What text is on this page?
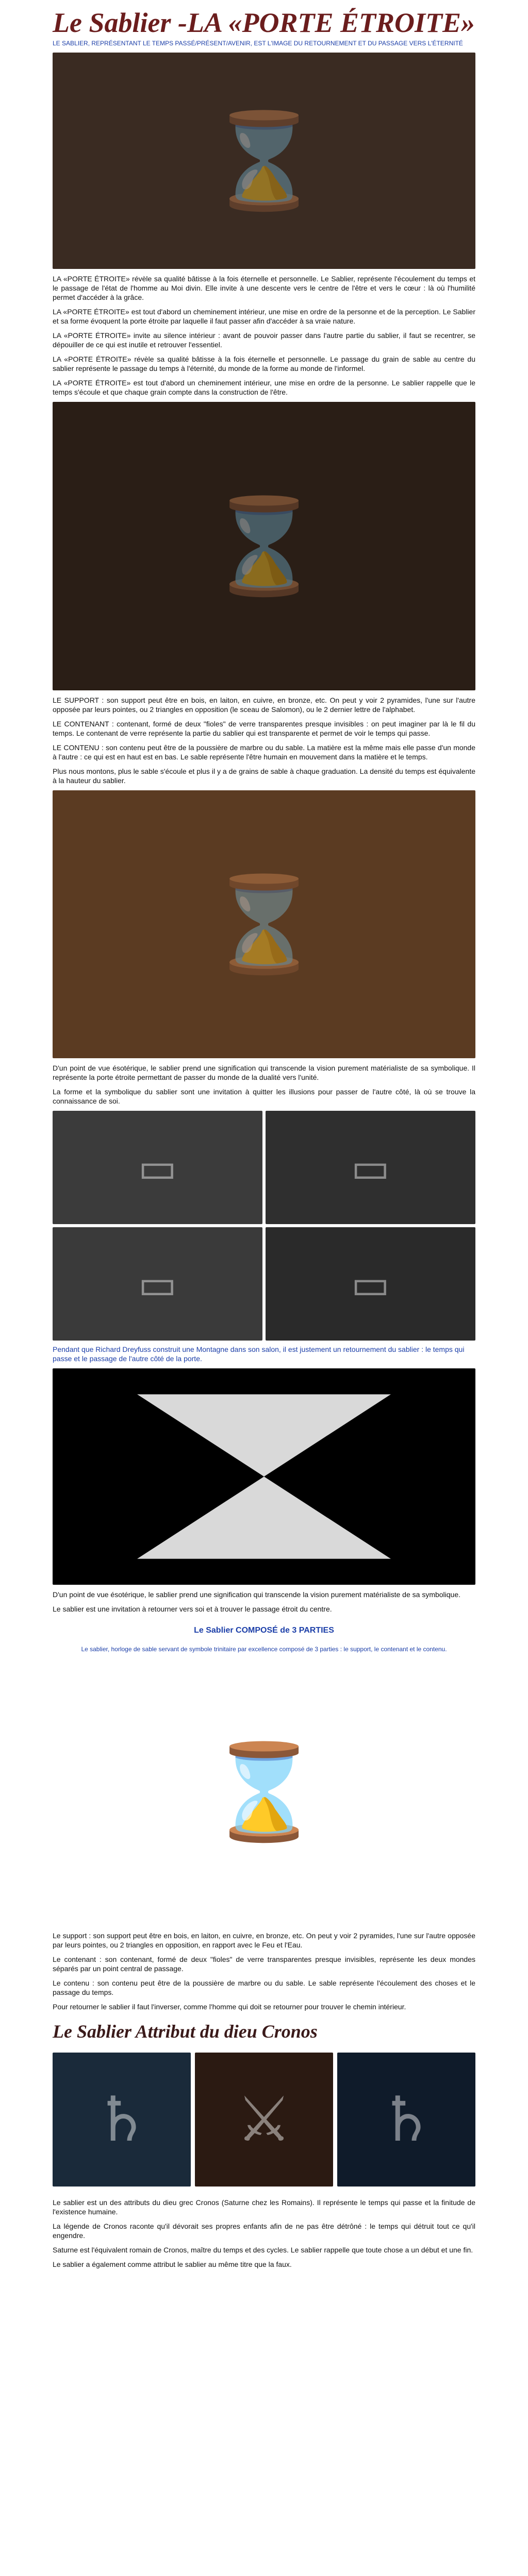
Le Sablier -LA «PORTE ÉTROITE»
LE SABLIER, REPRÉSENTANT LE TEMPS PASSÉ/PRÉSENT/AVENIR, EST L'IMAGE DU RETOURNEMENT ET DU PASSAGE VERS L'ÉTERNITÉ
⌛

LA «PORTE ÉTROITE» révèle sa qualité bâtisse à la fois éternelle et personnelle. Le Sablier, représente l'écoulement du temps et le passage de l'état de l'homme au Moi divin. Elle invite à une descente vers le centre de l'être et vers le cœur : là où l'humilité permet d'accéder à la grâce.

LA «PORTE ÉTROITE» est tout d'abord un cheminement intérieur, une mise en ordre de la personne et de la perception. Le Sablier et sa forme évoquent la porte étroite par laquelle il faut passer afin d'accéder à sa vraie nature.

LA «PORTE ÉTROITE» invite au silence intérieur : avant de pouvoir passer dans l'autre partie du sablier, il faut se recentrer, se dépouiller de ce qui est inutile et retrouver l'essentiel.

LA «PORTE ÉTROITE» révèle sa qualité bâtisse à la fois éternelle et personnelle. Le passage du grain de sable au centre du sablier représente le passage du temps à l'éternité, du monde de la forme au monde de l'informel.

LA «PORTE ÉTROITE» est tout d'abord un cheminement intérieur, une mise en ordre de la personne. Le sablier rappelle que le temps s'écoule et que chaque grain compte dans la construction de l'être.

⌛

LE SUPPORT : son support peut être en bois, en laiton, en cuivre, en bronze, etc. On peut y voir 2 pyramides, l'une sur l'autre opposée par leurs pointes, ou 2 triangles en opposition (le sceau de Salomon), ou le 2 dernier lettre de l'alphabet.

LE CONTENANT : contenant, formé de deux "fioles" de verre transparentes presque invisibles : on peut imaginer par là le fil du temps. Le contenant de verre représente la partie du sablier qui est transparente et permet de voir le temps qui passe.

LE CONTENU : son contenu peut être de la poussière de marbre ou du sable. La matière est la même mais elle passe d'un monde à l'autre : ce qui est en haut est en bas. Le sable représente l'être humain en mouvement dans la matière et le temps.

Plus nous montons, plus le sable s'écoule et plus il y a de grains de sable à chaque graduation. La densité du temps est équivalente à la hauteur du sablier.

⌛

D'un point de vue ésotérique, le sablier prend une signification qui transcende la vision purement matérialiste de sa symbolique. Il représente la porte étroite permettant de passer du monde de la dualité vers l'unité.

La forme et la symbolique du sablier sont une invitation à quitter les illusions pour passer de l'autre côté, là où se trouve la connaissance de soi.

▭	▭
▭	▭
Pendant que Richard Dreyfuss construit une Montagne dans son salon, il est justement un retournement du sablier : le temps qui passe et le passage de l'autre côté de la porte.

D'un point de vue ésotérique, le sablier prend une signification qui transcende la vision purement matérialiste de sa symbolique.

Le sablier est une invitation à retourner vers soi et à trouver le passage étroit du centre.

Le Sablier COMPOSÉ de 3 PARTIES
Le sablier, horloge de sable servant de symbole trinitaire par excellence composé de 3 parties : le support, le contenant et le contenu.
⌛

Le support : son support peut être en bois, en laiton, en cuivre, en bronze, etc. On peut y voir 2 pyramides, l'une sur l'autre opposée par leurs pointes, ou 2 triangles en opposition, en rapport avec le Feu et l'Eau.

Le contenant : son contenant, formé de deux "fioles" de verre transparentes presque invisibles, représente les deux mondes séparés par un point central de passage.

Le contenu : son contenu peut être de la poussière de marbre ou du sable. Le sable représente l'écoulement des choses et le passage du temps.

Pour retourner le sablier il faut l'inverser, comme l'homme qui doit se retourner pour trouver le chemin intérieur.

Le Sablier Attribut du dieu Cronos
♄	⚔	♄

Le sablier est un des attributs du dieu grec Cronos (Saturne chez les Romains). Il représente le temps qui passe et la finitude de l'existence humaine.

La légende de Cronos raconte qu'il dévorait ses propres enfants afin de ne pas être détrôné : le temps qui détruit tout ce qu'il engendre.

Saturne est l'équivalent romain de Cronos, maître du temps et des cycles. Le sablier rappelle que toute chose a un début et une fin.

Le sablier a également comme attribut le sablier au même titre que la faux.
